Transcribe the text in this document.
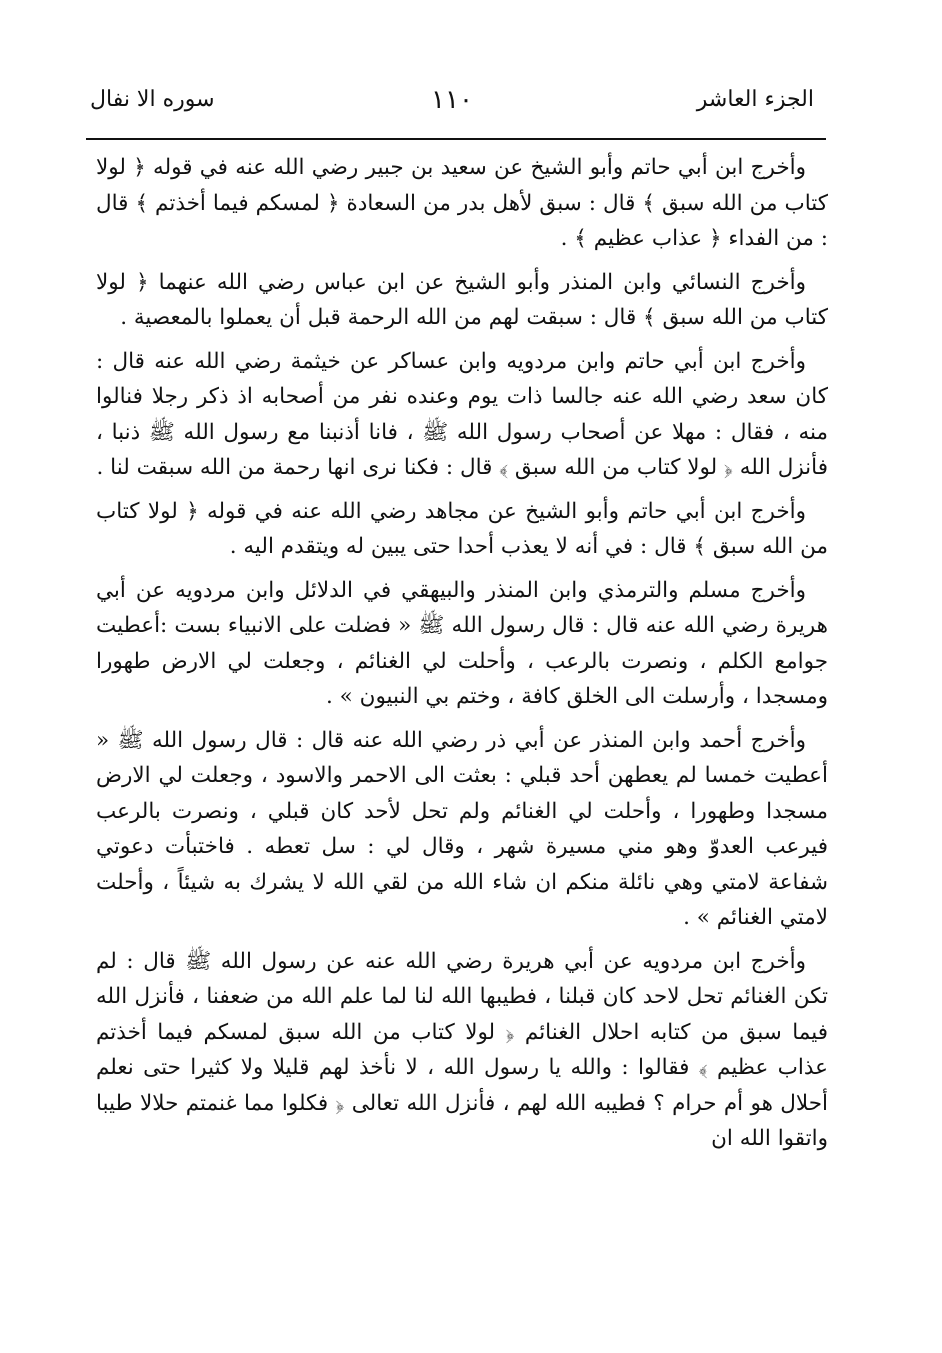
الجزء العاشر
١١٠
سوره الا نفال

وأخرج ابن أبي حاتم وأبو الشيخ عن سعيد بن جبير رضي الله عنه في قوله ﴿ لولا كتاب من الله سبق ﴾ قال : سبق لأهل بدر من السعادة ﴿ لمسكم فيما أخذتم ﴾ قال : من الفداء ﴿ عذاب عظيم ﴾ .

وأخرج النسائي وابن المنذر وأبو الشيخ عن ابن عباس رضي الله عنهما ﴿ لولا كتاب من الله سبق ﴾ قال : سبقت لهم من الله الرحمة قبل أن يعملوا بالمعصية .

وأخرج ابن أبي حاتم وابن مردويه وابن عساكر عن خيثمة رضي الله عنه قال : كان سعد رضي الله عنه جالسا ذات يوم وعنده نفر من أصحابه اذ ذكر رجلا فنالوا منه ، فقال : مهلا عن أصحاب رسول الله ﷺ ، فانا أذنبنا مع رسول الله ﷺ ذنبا ، فأنزل الله ﴿ لولا كتاب من الله سبق ﴾ قال : فكنا نرى انها رحمة من الله سبقت لنا .

وأخرج ابن أبي حاتم وأبو الشيخ عن مجاهد رضي الله عنه في قوله ﴿ لولا كتاب من الله سبق ﴾ قال : في أنه لا يعذب أحدا حتى يبين له ويتقدم اليه .

وأخرج مسلم والترمذي وابن المنذر والبيهقي في الدلائل وابن مردويه عن أبي هريرة رضي الله عنه قال : قال رسول الله ﷺ « فضلت على الانبياء بست :أعطيت جوامع الكلم ، ونصرت بالرعب ، وأحلت لي الغنائم ، وجعلت لي الارض طهورا ومسجدا ، وأرسلت الى الخلق كافة ، وختم بي النبيون » .

وأخرج أحمد وابن المنذر عن أبي ذر رضي الله عنه قال : قال رسول الله ﷺ « أعطيت خمسا لم يعطهن أحد قبلي : بعثت الى الاحمر والاسود ، وجعلت لي الارض مسجدا وطهورا ، وأحلت لي الغنائم ولم تحل لأحد كان قبلي ، ونصرت بالرعب فيرعب العدوّ وهو مني مسيرة شهر ، وقال لي : سل تعطه . فاختبأت دعوتي شفاعة لامتي وهي نائلة منكم ان شاء الله من لقي الله لا يشرك به شيئاً ، وأحلت لامتي الغنائم » .

وأخرج ابن مردويه عن أبي هريرة رضي الله عنه عن رسول الله ﷺ قال : لم تكن الغنائم تحل لاحد كان قبلنا ، فطيبها الله لنا لما علم الله من ضعفنا ، فأنزل الله فيما سبق من كتابه احلال الغنائم ﴿ لولا كتاب من الله سبق لمسكم فيما أخذتم عذاب عظيم ﴾ فقالوا : والله يا رسول الله ، لا نأخذ لهم قليلا ولا كثيرا حتى نعلم أحلال هو أم حرام ؟ فطيبه الله لهم ، فأنزل الله تعالى ﴿ فكلوا مما غنمتم حلالا طيبا واتقوا الله ان
